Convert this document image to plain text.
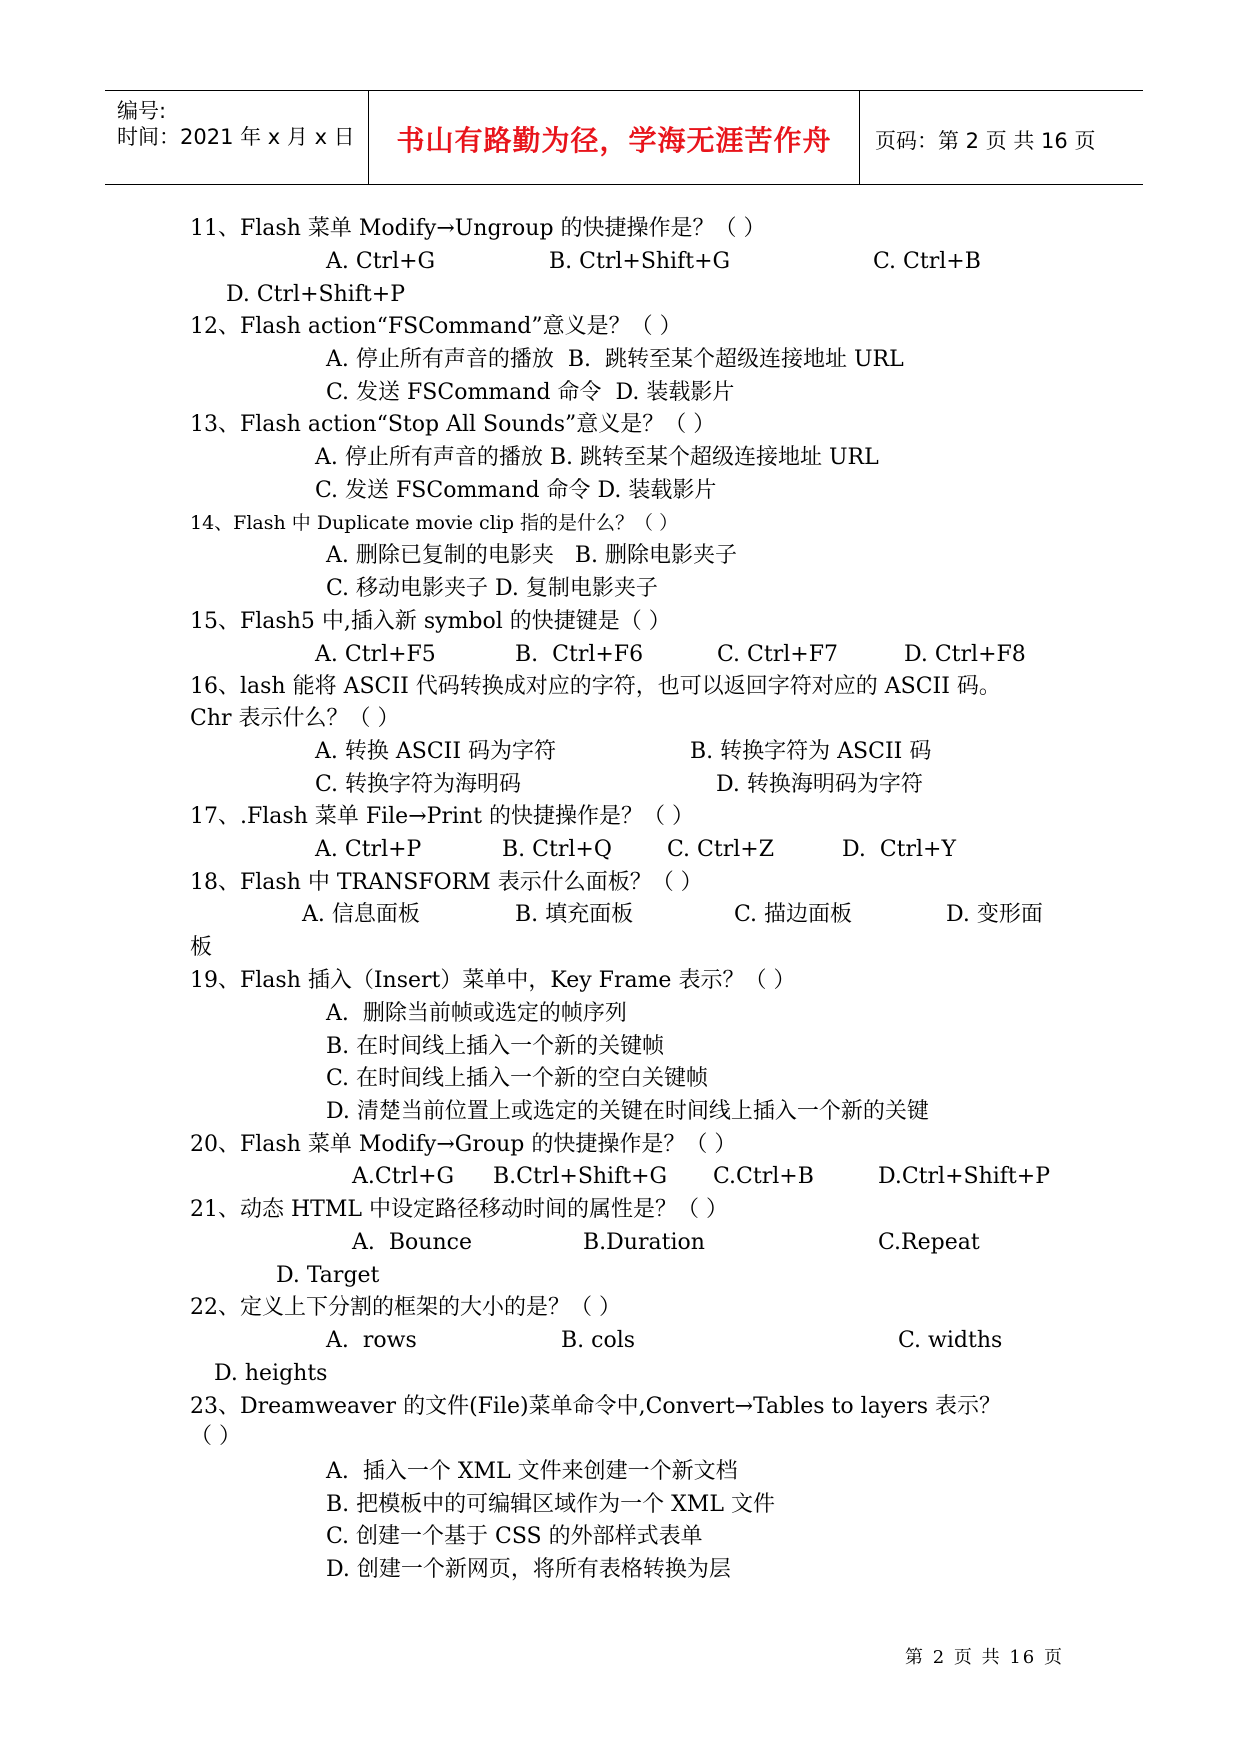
编号:
时间：2021 年 x 月 x 日	书山有路勤为径，学海无涯苦作舟	页码：第 2 页 共 16 页
11、Flash 菜单 Modify→Ungroup 的快捷操作是？（ ）

A. Ctrl+G

	B. Ctrl+Shift+G

	C. Ctrl+B

D. Ctrl+Shift+P
12、Flash action“FSCommand”意义是？（ ）
A. 停止所有声音的播放  B.  跳转至某个超级连接地址 URL
C. 发送 FSCommand 命令  D. 装载影片
13、Flash action“Stop All Sounds”意义是？（ ）
A. 停止所有声音的播放 B. 跳转至某个超级连接地址 URL
C. 发送 FSCommand 命令 D. 装载影片
14、Flash 中 Duplicate movie clip 指的是什么？（ ）
A. 删除已复制的电影夹   B. 删除电影夹子
C. 移动电影夹子 D. 复制电影夹子
15、Flash5 中,插入新 symbol 的快捷键是（ ）

A. Ctrl+F5

	B.  Ctrl+F6

	C. Ctrl+F7

	D. Ctrl+F8

16、lash 能将 ASCII 代码转换成对应的字符，也可以返回字符对应的 ASCII 码。
Chr 表示什么？（ ）

A. 转换 ASCII 码为字符

	B. 转换字符为 ASCII 码

C. 转换字符为海明码

	D. 转换海明码为字符

17、.Flash 菜单 File→Print 的快捷操作是？（ ）

A. Ctrl+P

	B. Ctrl+Q

	C. Ctrl+Z

	D.  Ctrl+Y

18、Flash 中 TRANSFORM 表示什么面板？（ ）

A. 信息面板

	B. 填充面板

	C. 描边面板

	D. 变形面

板
19、Flash 插入（Insert）菜单中，Key Frame 表示？（ ）
A.  删除当前帧或选定的帧序列
B. 在时间线上插入一个新的关键帧
C. 在时间线上插入一个新的空白关键帧
D. 清楚当前位置上或选定的关键在时间线上插入一个新的关键
20、Flash 菜单 Modify→Group 的快捷操作是？（ ）

A.Ctrl+G

B.Ctrl+Shift+G

C.Ctrl+B

	D.Ctrl+Shift+P

21、动态 HTML 中设定路径移动时间的属性是？（ ）

A.  Bounce

	B.Duration

	C.Repeat

D. Target
22、定义上下分割的框架的大小的是？（ ）

A.  rows

	B. cols

	C. widths

D. heights
23、Dreamweaver 的文件(File)菜单命令中,Convert→Tables to layers 表示？
（ ）
A.  插入一个 XML 文件来创建一个新文档
B. 把模板中的可编辑区域作为一个 XML 文件
C. 创建一个基于 CSS 的外部样式表单
D. 创建一个新网页，将所有表格转换为层
第 2 页 共 16 页
